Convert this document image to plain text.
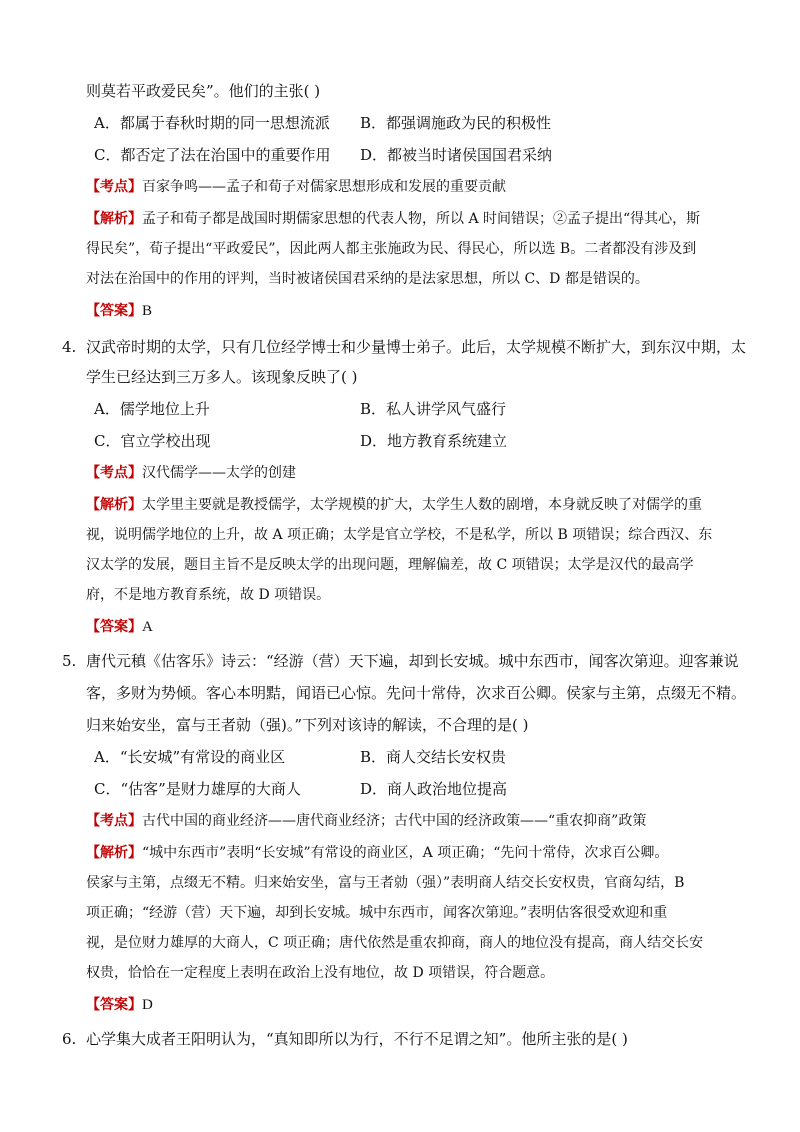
则莫若平政爱民矣”。他们的主张( )
A．都属于春秋时期的同一思想流派 B．都强调施政为民的积极性
C．都否定了法在治国中的重要作用 D．都被当时诸侯国国君采纳
【考点】百家争鸣——孟子和荀子对儒家思想形成和发展的重要贡献
【解析】孟子和荀子都是战国时期儒家思想的代表人物，所以 A 时间错误；②孟子提出“得其心，斯
得民矣”，荀子提出“平政爱民”，因此两人都主张施政为民、得民心，所以选 B。二者都没有涉及到
对法在治国中的作用的评判，当时被诸侯国君采纳的是法家思想，所以 C、D 都是错误的。
【答案】B
4. 汉武帝时期的太学，只有几位经学博士和少量博士弟子。此后，太学规模不断扩大，到东汉中期，太
学生已经达到三万多人。该现象反映了( )
A．儒学地位上升	B．私人讲学风气盛行
C．官立学校出现	D．地方教育系统建立
【考点】汉代儒学——太学的创建
【解析】太学里主要就是教授儒学，太学规模的扩大，太学生人数的剧增，本身就反映了对儒学的重
视，说明儒学地位的上升，故 A 项正确；太学是官立学校，不是私学，所以 B 项错误；综合西汉、东
汉太学的发展，题目主旨不是反映太学的出现问题，理解偏差，故 C 项错误；太学是汉代的最高学
府，不是地方教育系统，故 D 项错误。
【答案】A
5. 唐代元稹《估客乐》诗云：“经游（营）天下遍，却到长安城。城中东西市，闻客次第迎。迎客兼说
客，多财为势倾。客心本明黠，闻语已心惊。先问十常侍，次求百公卿。侯家与主第，点缀无不精。
归来始安坐，富与王者勍（强)。”下列对该诗的解读，不合理的是( )
A．“长安城”有常设的商业区	B．商人交结长安权贵
C．“估客”是财力雄厚的大商人	D．商人政治地位提高
【考点】古代中国的商业经济——唐代商业经济；古代中国的经济政策——“重农抑商”政策
【解析】“城中东西市”表明“长安城”有常设的商业区，A 项正确；“先问十常侍，次求百公卿。
侯家与主第，点缀无不精。归来始安坐，富与王者勍（强）”表明商人结交长安权贵，官商勾结，B
项正确；“经游（营）天下遍，却到长安城。城中东西市，闻客次第迎。”表明估客很受欢迎和重
视，是位财力雄厚的大商人，C 项正确；唐代依然是重农抑商，商人的地位没有提高，商人结交长安
权贵，恰恰在一定程度上表明在政治上没有地位，故 D 项错误，符合题意。
【答案】D
6. 心学集大成者王阳明认为，“真知即所以为行，不行不足谓之知”。他所主张的是( )
